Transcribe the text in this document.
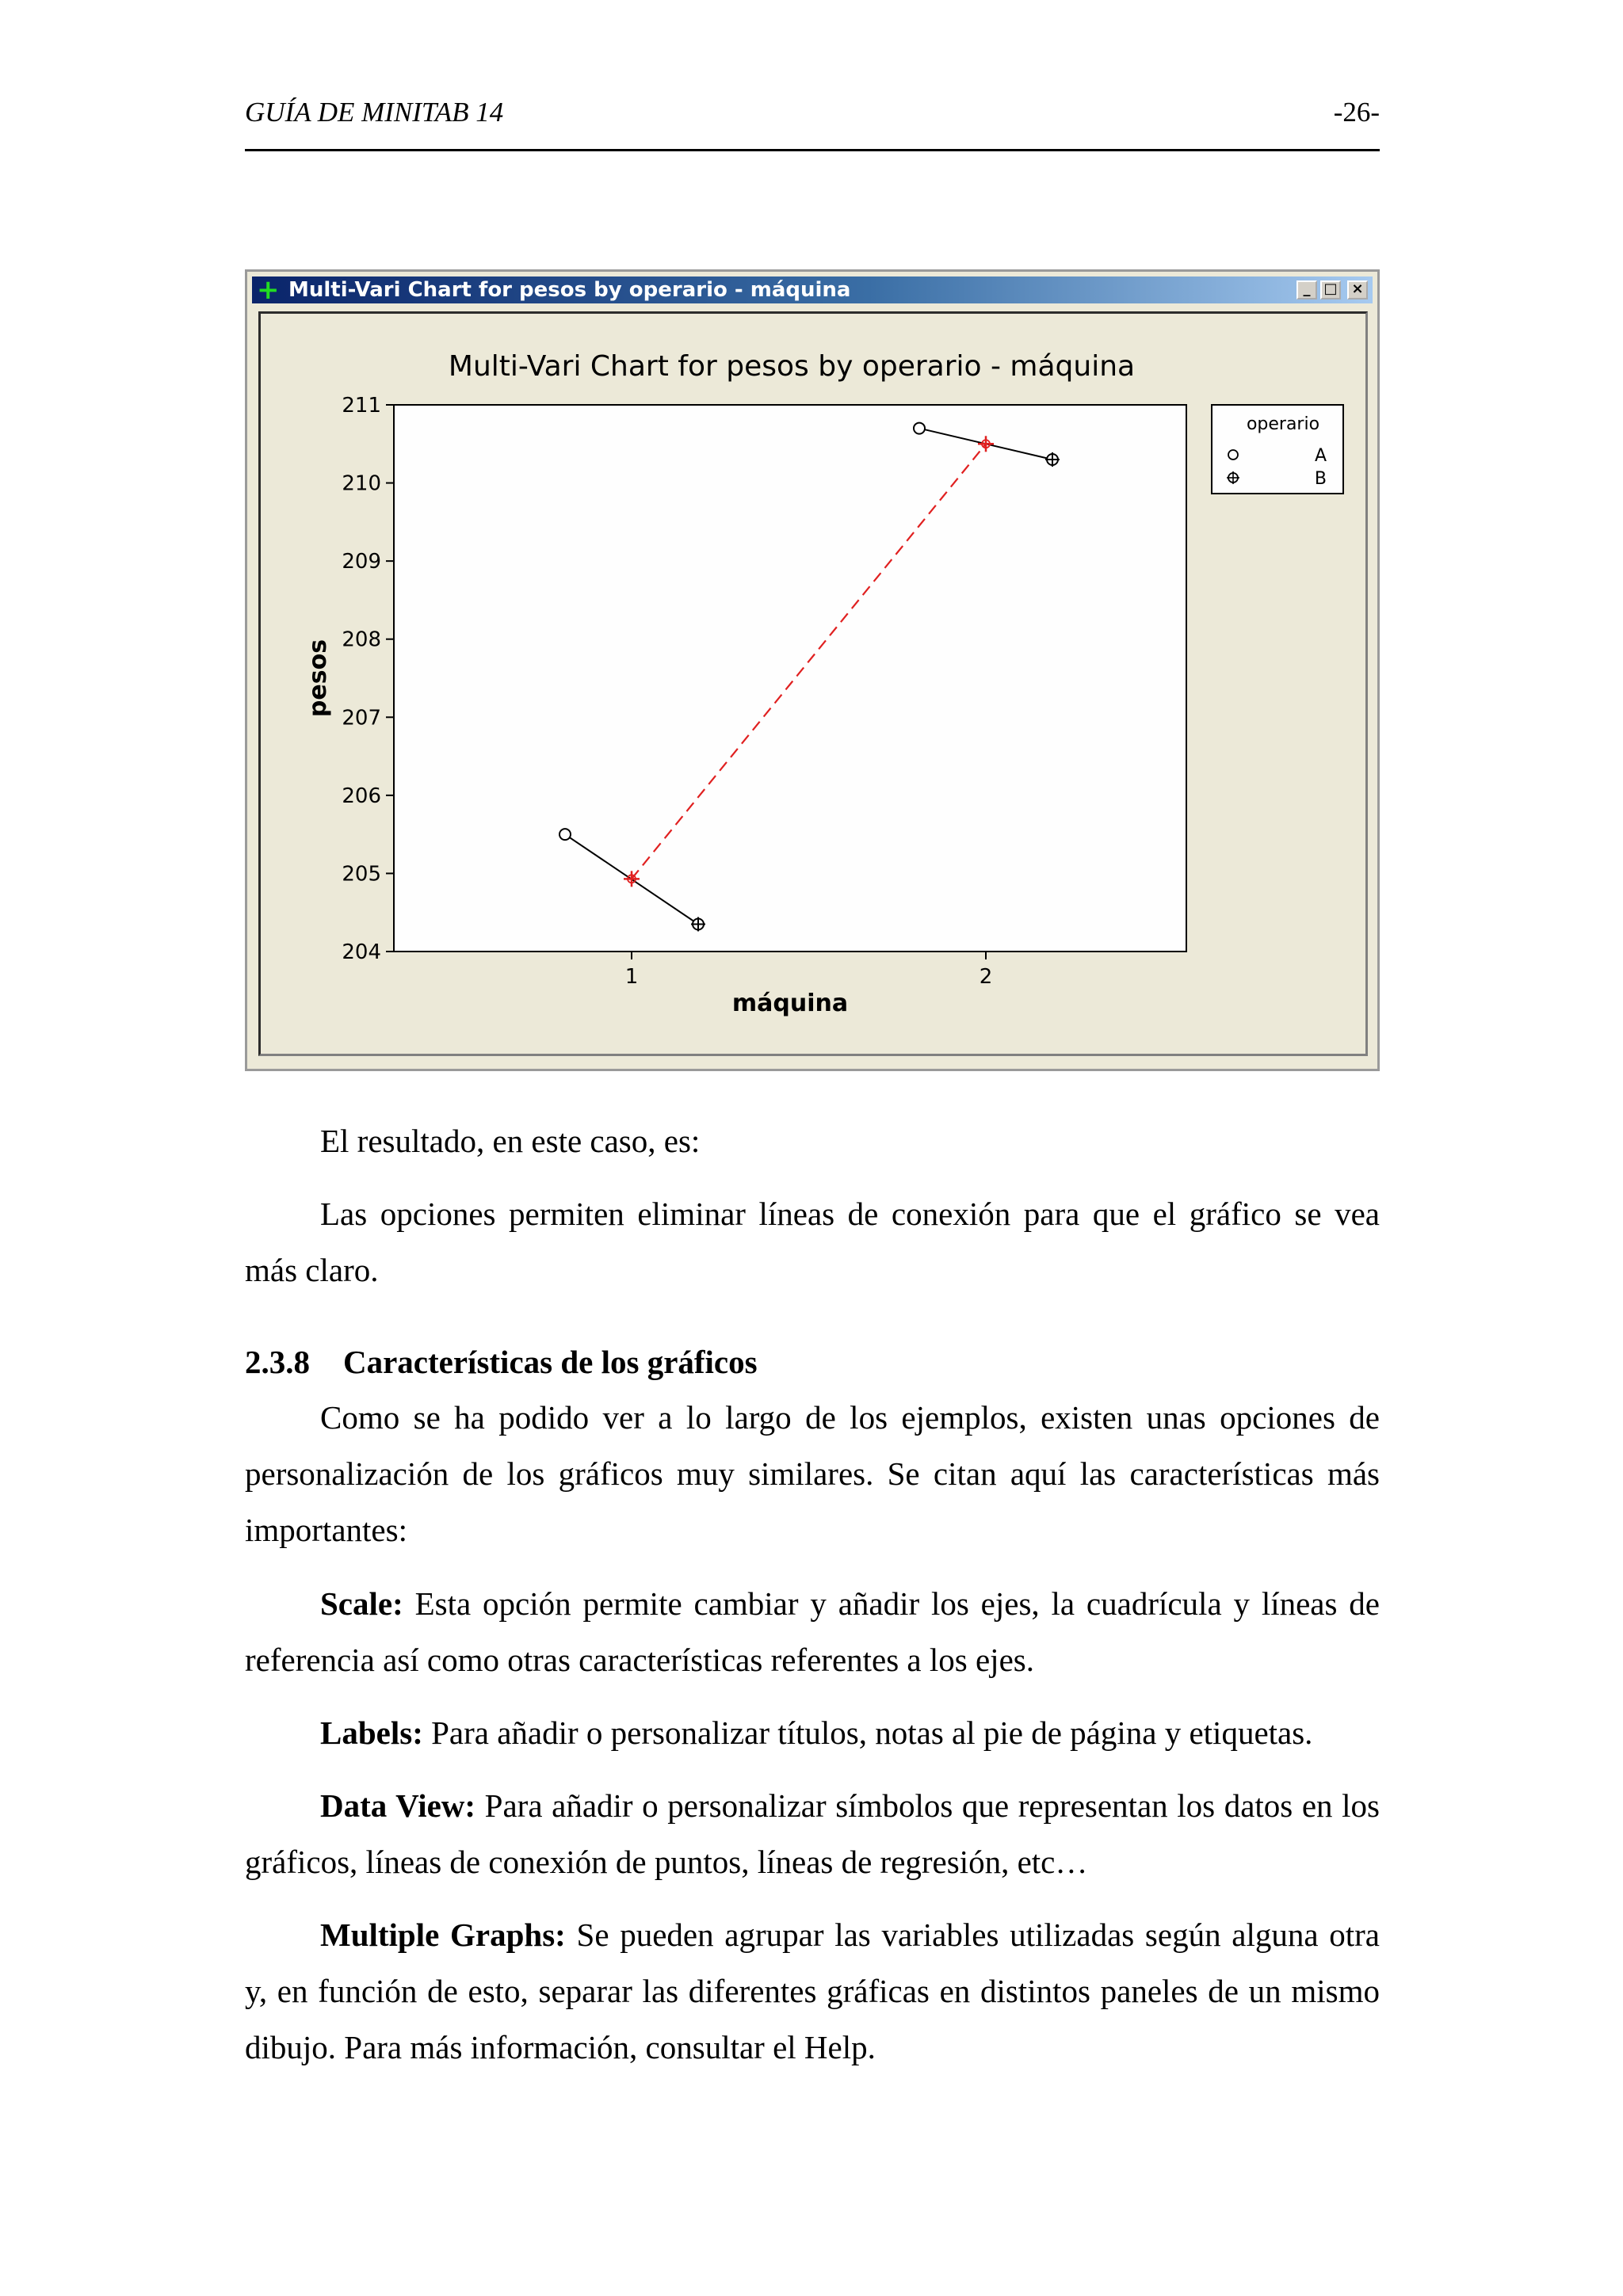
GUÍA DE MINITAB 14	-26-
+ Multi-Vari Chart for pesos by operario - máquina	_ □ ×
Multi-Vari Chart for pesos by operario - máquina
204
205
206
207
208
209
210
211
1	2
pesos
máquina
operario
A
B

El resultado, en este caso, es:

Las opciones permiten eliminar líneas de conexión para que el gráfico se vea más claro.

2.3.8 Características de los gráficos

Como se ha podido ver a lo largo de los ejemplos, existen unas opciones de personalización de los gráficos muy similares. Se citan aquí las características más importantes:

Scale: Esta opción permite cambiar y añadir los ejes, la cuadrícula y líneas de referencia así como otras características referentes a los ejes.

Labels: Para añadir o personalizar títulos, notas al pie de página y etiquetas.

Data View: Para añadir o personalizar símbolos que representan los datos en los gráficos, líneas de conexión de puntos, líneas de regresión, etc…

Multiple Graphs: Se pueden agrupar las variables utilizadas según alguna otra y, en función de esto, separar las diferentes gráficas en distintos paneles de un mismo dibujo. Para más información, consultar el Help.
